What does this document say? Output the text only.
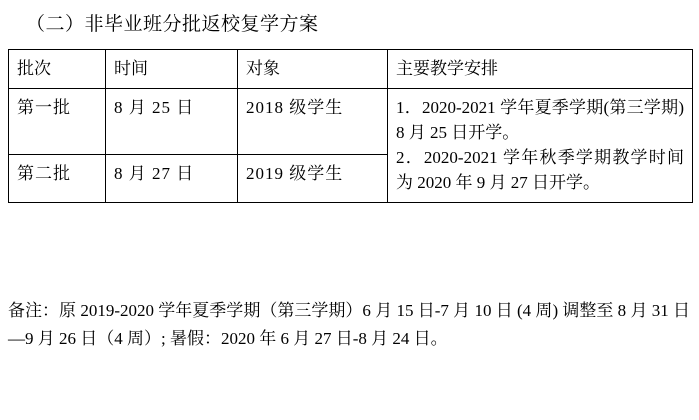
（二）非毕业班分批返校复学方案
批次	时间	对象	主要教学安排
第一批	8 月 25 日	2018 级学生	1．2020-2021 学年夏季学期(第三学期) 8 月 25 日开学。

2．2020-2021 学年秋季学期教学时间为 2020 年 9 月 27 日开学。

第二批	8 月 27 日	2019 级学生	

备注：原 2019-2020 学年夏季学期（第三学期）6 月 15 日-7 月 10 日 (4 周) 调整至 8 月 31 日—9 月 26 日（4 周）; 暑假：2020 年 6 月 27 日-8 月 24 日。
